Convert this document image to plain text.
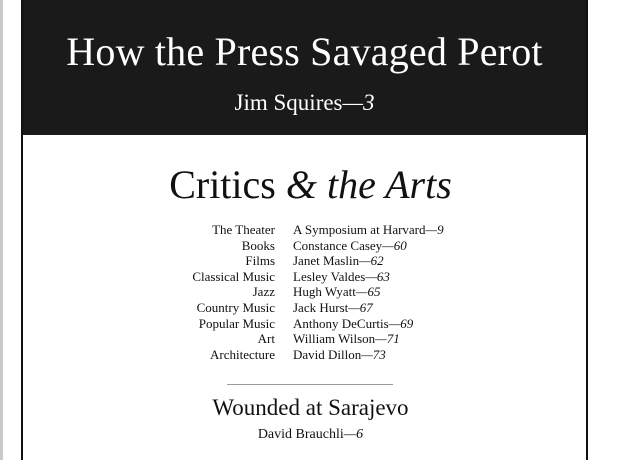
How the Press Savaged Perot
Jim Squires—3
Critics & the Arts
The Theater A Symposium at Harvard—9
Books Constance Casey—60
Films Janet Maslin—62
Classical Music Lesley Valdes—63
Jazz Hugh Wyatt—65
Country Music Jack Hurst—67
Popular Music Anthony DeCurtis—69
Art William Wilson—71
Architecture David Dillon—73
Wounded at Sarajevo
David Brauchli—6
